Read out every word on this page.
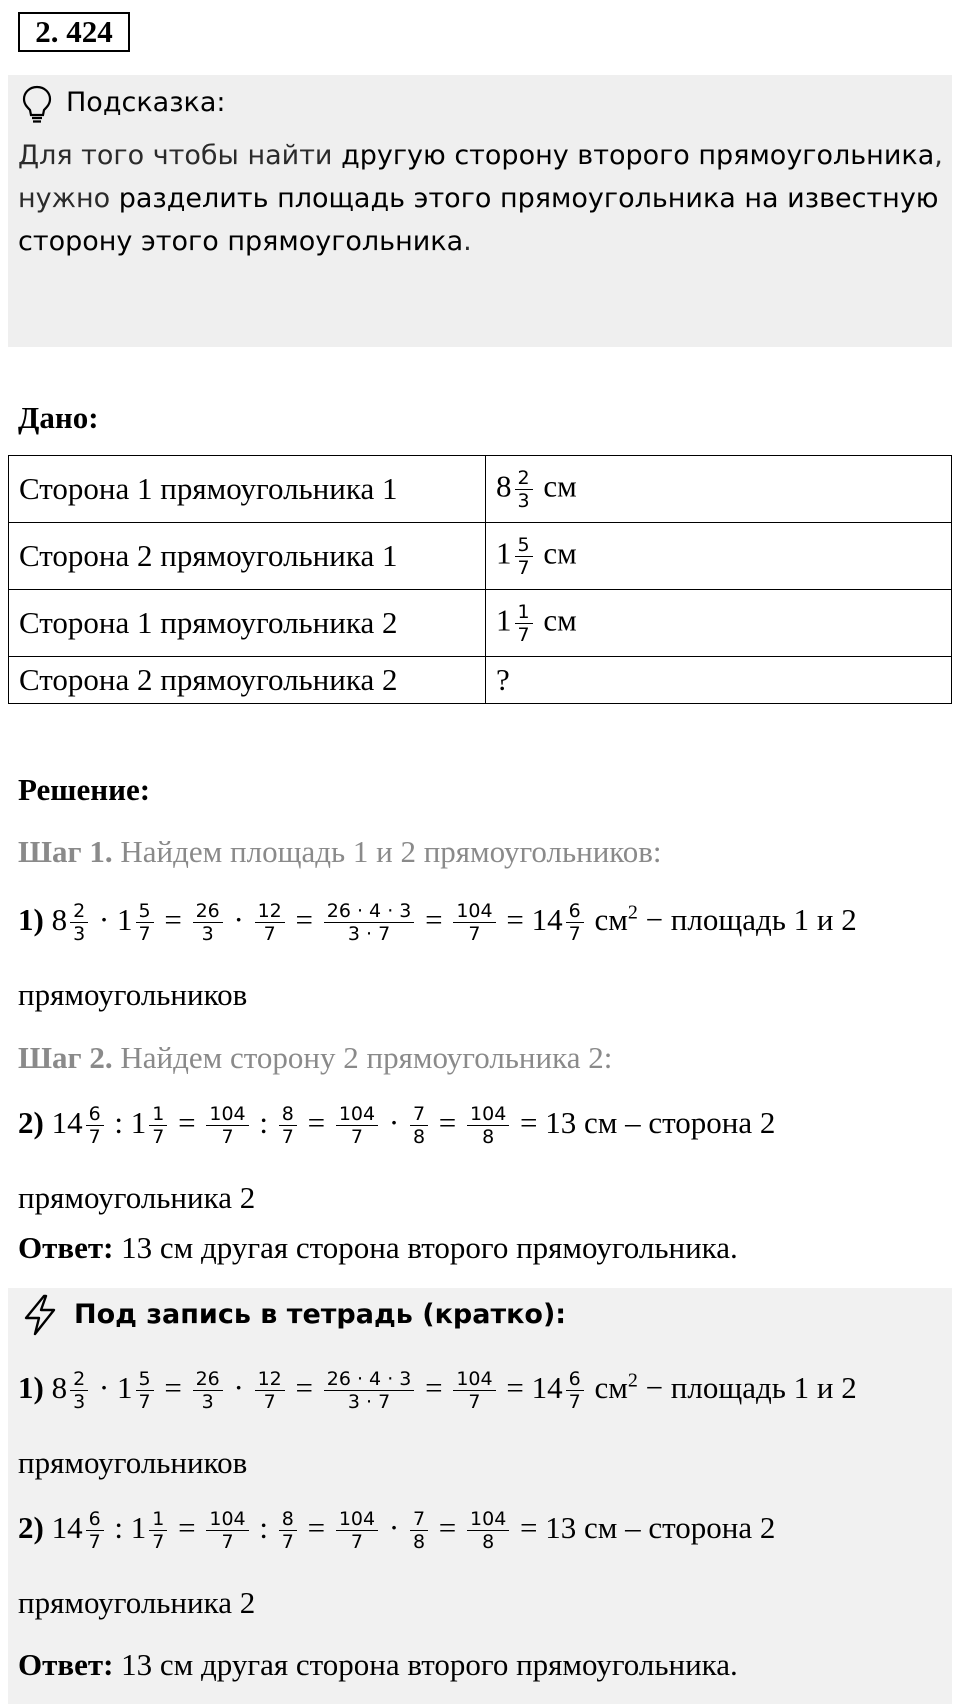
2. 424
Подсказка:
Для того чтобы найти другую сторону второго прямоугольника, нужно разделить площадь этого прямоугольника на известную сторону этого прямоугольника.
Дано:
Сторона 1 прямоугольника 1	$8 \frac{2}{3}$ см
Сторона 2 прямоугольника 1	$1 \frac{5}{7}$ см
Сторона 1 прямоугольника 2	$1 \frac{1}{7}$ см
Сторона 2 прямоугольника 2	?
Решение:
Шаг 1. Найдем площадь 1 и 2 прямоугольников:
1) $8 \frac{2}{3} \cdot 1 \frac{5}{7} = \frac{26}{3} \cdot \frac{12}{7} = \frac{26 \cdot 4 \cdot 3}{3 \cdot 7} = \frac{104}{7} = 14 \frac{6}{7} см^2$ − площадь 1 и 2
прямоугольников
Шаг 2. Найдем сторону 2 прямоугольника 2:
2) $14 \frac{6}{7}$ : $1 \frac{1}{7} = \frac{104}{7}$ : $\frac{8}{7} = \frac{104}{7} \cdot \frac{7}{8} = \frac{104}{8} = 13$ см – сторона 2
прямоугольника 2
Ответ: 13 см другая сторона второго прямоугольника.
Под запись в тетрадь (кратко):
1) $8 \frac{2}{3} \cdot 1 \frac{5}{7} = \frac{26}{3} \cdot \frac{12}{7} = \frac{26 \cdot 4 \cdot 3}{3 \cdot 7} = \frac{104}{7} = 14 \frac{6}{7} см^2$ − площадь 1 и 2
прямоугольников
2) $14 \frac{6}{7}$ : $1 \frac{1}{7} = \frac{104}{7}$ : $\frac{8}{7} = \frac{104}{7} \cdot \frac{7}{8} = \frac{104}{8} = 13$ см – сторона 2
прямоугольника 2
Ответ: 13 см другая сторона второго прямоугольника.
